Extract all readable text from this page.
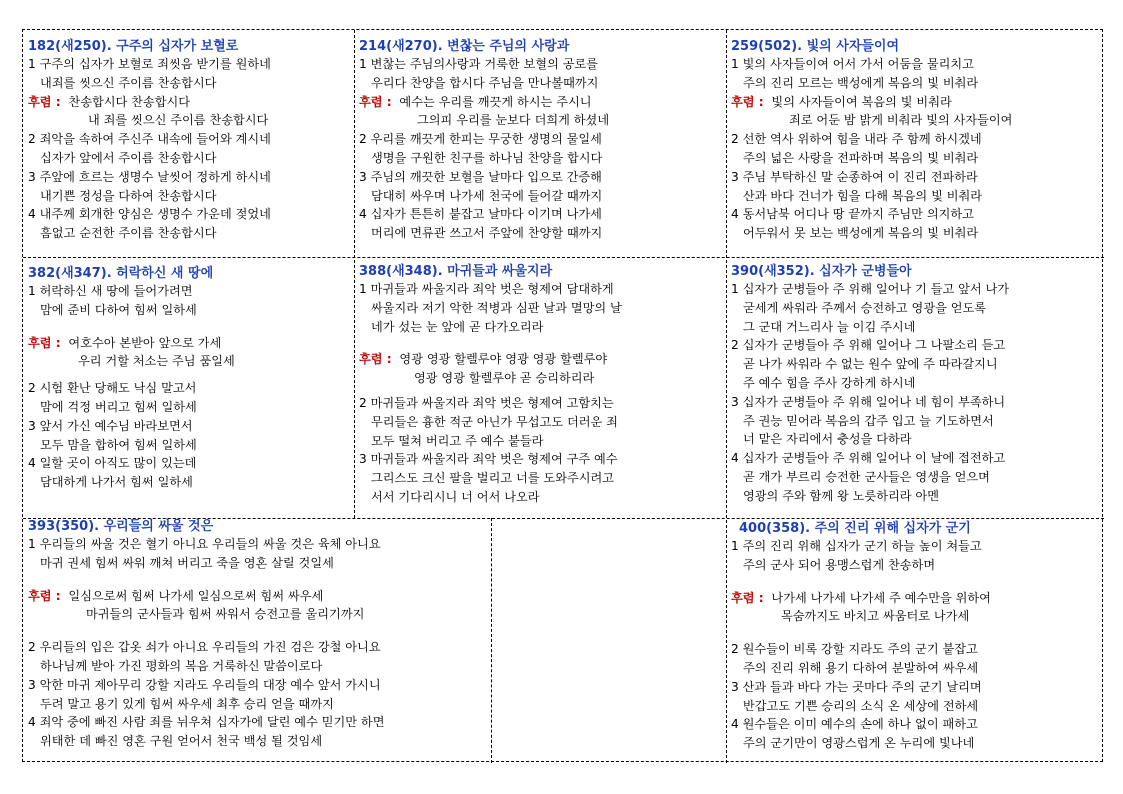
182(새250). 구주의 십자가 보혈로
1 구주의 십자가 보혈로 죄씻음 받기를 원하네
내죄를 씻으신 주이름 찬송합시다
후렴 : 찬송합시다 찬송합시다
내 죄를 씻으신 주이름 찬송합시다
2 죄악을 속하여 주신주 내속에 들어와 계시네
십자가 앞에서 주이름 찬송합시다
3 주앞에 흐르는 생명수 날씻어 정하게 하시네
내기쁜 정성을 다하여 찬송합시다
4 내주께 회개한 양심은 생명수 가운데 젖었네
흠없고 순전한 주이름 찬송합시다
214(새270). 변찮는 주님의 사랑과
1 변찮는 주님의사랑과 거룩한 보혈의 공로를
우리다 찬양을 합시다 주님을 만나볼때까지
후렴 : 예수는 우리를 깨끗게 하시는 주시니
그의피 우리를 눈보다 더희게 하셨네
2 우리를 깨끗게 한피는 무궁한 생명의 물일세
생명을 구원한 친구를 하나님 찬양을 합시다
3 주님의 깨끗한 보혈을 날마다 입으로 간증해
담대히 싸우며 나가세 천국에 들어갈 때까지
4 십자가 튼튼히 붙잡고 날마다 이기며 나가세
머리에 면류관 쓰고서 주앞에 찬양할 때까지
259(502). 빛의 사자들이여
1 빛의 사자들이여 어서 가서 어둠을 물리치고
주의 진리 모르는 백성에게 복음의 빛 비춰라
후렴 : 빛의 사자들이여 복음의 빛 비춰라
죄로 어둔 밤 밝게 비춰라 빛의 사자들이여
2 선한 역사 위하여 힘을 내라 주 함께 하시겠네
주의 넓은 사랑을 전파하며 복음의 빛 비춰라
3 주님 부탁하신 말 순종하여 이 진리 전파하라
산과 바다 건너가 힘을 다해 복음의 빛 비춰라
4 동서남북 어디나 땅 끝까지 주님만 의지하고
어두워서 못 보는 백성에게 복음의 빛 비춰라
382(새347). 허락하신 새 땅에
1 허락하신 새 땅에 들어가려면
맘에 준비 다하여 힘써 일하세
후렴 : 여호수아 본받아 앞으로 가세
우리 거할 처소는 주님 품일세
2 시험 환난 당해도 낙심 말고서
맘에 걱정 버리고 힘써 일하세
3 앞서 가신 예수님 바라보면서
모두 맘을 합하여 힘써 일하세
4 일할 곳이 아직도 많이 있는데
담대하게 나가서 힘써 일하세
388(새348). 마귀들과 싸울지라
1 마귀들과 싸울지라 죄악 벗은 형제여 담대하게
싸울지라 저기 악한 적병과 심판 날과 멸망의 날
네가 섰는 눈 앞에 곧 다가오리라
후렴 : 영광 영광 할렐루야 영광 영광 할렐루야
영광 영광 할렐루야 곧 승리하리라
2 마귀들과 싸울지라 죄악 벗은 형제여 고함치는
무리들은 흉한 적군 아닌가 무섭고도 더러운 죄
모두 떨쳐 버리고 주 예수 붙들라
3 마귀들과 싸울지라 죄악 벗은 형제여 구주 예수
그리스도 크신 팔을 벌리고 너를 도와주시려고
서서 기다리시니 너 어서 나오라
390(새352). 십자가 군병들아
1 십자가 군병들아 주 위해 일어나 기 들고 앞서 나가
굳세게 싸워라 주께서 승전하고 영광을 얻도록
그 군대 거느리사 늘 이김 주시네
2 십자가 군병들아 주 위해 일어나 그 나팔소리 듣고
곧 나가 싸워라 수 없는 원수 앞에 주 따라갈지니
주 예수 힘을 주사 강하게 하시네
3 십자가 군병들아 주 위해 일어나 네 힘이 부족하니
주 권능 믿어라 복음의 갑주 입고 늘 기도하면서
너 맡은 자리에서 충성을 다하라
4 십자가 군병들아 주 위해 일어나 이 날에 접전하고
곧 개가 부르리 승전한 군사들은 영생을 얻으며
영광의 주와 함께 왕 노릇하리라 아멘
393(350). 우리들의 싸울 것은
1 우리들의 싸울 것은 혈기 아니요 우리들의 싸울 것은 육체 아니요
마귀 권세 힘써 싸워 깨쳐 버리고 죽을 영혼 살릴 것일세
후렴 : 일심으로써 힘써 나가세 일심으로써 힘써 싸우세
마귀들의 군사들과 힘써 싸워서 승전고를 울리기까지
2 우리들의 입은 갑옷 쇠가 아니요 우리들의 가진 검은 강철 아니요
하나님께 받아 가진 평화의 복음 거룩하신 말씀이로다
3 악한 마귀 제아무리 강할 지라도 우리들의 대장 예수 앞서 가시니
두려 말고 용기 있게 힘써 싸우세 최후 승리 얻을 때까지
4 죄악 중에 빠진 사람 죄를 뉘우쳐 십자가에 달린 예수 믿기만 하면
위태한 데 빠진 영혼 구원 얻어서 천국 백성 될 것임세
400(358). 주의 진리 위해 십자가 군기
1 주의 진리 위해 십자가 군기 하늘 높이 쳐들고
주의 군사 되어 용맹스럽게 찬송하며
후렴 : 나가세 나가세 나가세 주 예수만을 위하여
목숨까지도 바치고 싸움터로 나가세
2 원수들이 비록 강할 지라도 주의 군기 붙잡고
주의 진리 위해 용기 다하여 분발하여 싸우세
3 산과 들과 바다 가는 곳마다 주의 군기 날리며
반갑고도 기쁜 승리의 소식 온 세상에 전하세
4 원수들은 이미 예수의 손에 하나 없이 패하고
주의 군기만이 영광스럽게 온 누리에 빛나네
